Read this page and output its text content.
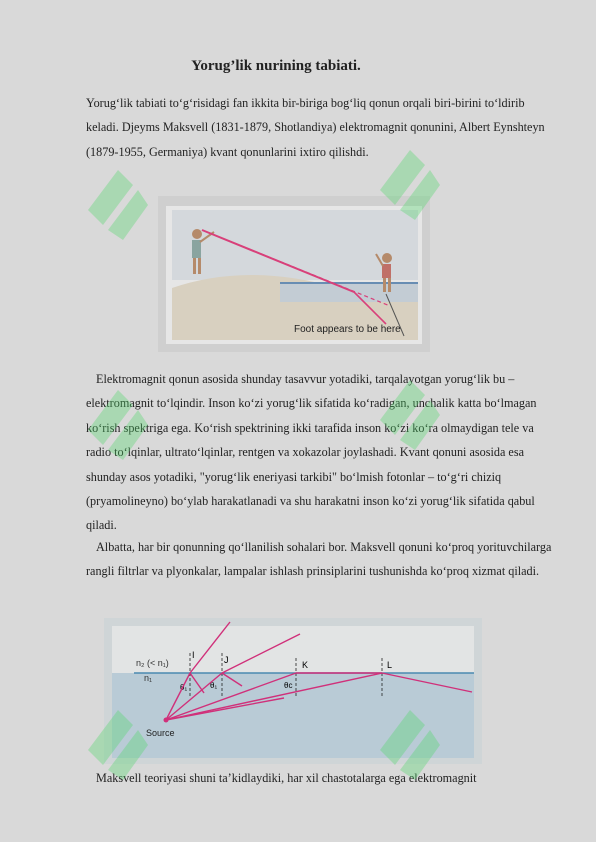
Yorug’lik nurining tabiati.

Yorug‘lik tabiati to‘g‘risidagi fan ikkita bir-biriga bog‘liq qonun orqali biri-birini to‘ldirib keladi. Djeyms Maksvell (1831-1879, Shotlandiya) elektromagnit qonunini, Albert Eynshteyn (1879-1955, Germaniya) kvant qonunlarini ixtiro qilishdi.

Foot appears to be here

Elektromagnit qonun asosida shunday tasavvur yotadiki, tarqalayotgan yorug‘lik bu – elektromagnit to‘lqindir. Inson ko‘zi yorug‘lik sifatida ko‘radigan, unchalik katta bo‘lmagan ko‘rish spektriga ega. Ko‘rish spektrining ikki tarafida inson ko‘zi ko‘ra olmaydigan tele va radio to‘lqinlar, ultrato‘lqinlar, rentgen va xokazolar joylashadi. Kvant qonuni asosida esa shunday asos yotadiki, "yorug‘lik eneriyasi tarkibi" bo‘lmish fotonlar – to‘g‘ri chiziq (pryamolineyno) bo‘ylab harakatlanadi va shu harakatni inson ko‘zi yorug‘lik sifatida qabul qiladi.

Albatta, har bir qonunning qo‘llanilish sohalari bor. Maksvell qonuni ko‘proq yorituvchilarga rangli filtrlar va plyonkalar, lampalar ishlash prinsiplarini tushunishda ko‘proq xizmat qiladi.

n₂ (< n₁)
n₁
I	J	K	L
θ₁	θ₁	θc
Source

Maksvell teoriyasi shuni ta’kidlaydiki, har xil chastotalarga ega elektromagnit
